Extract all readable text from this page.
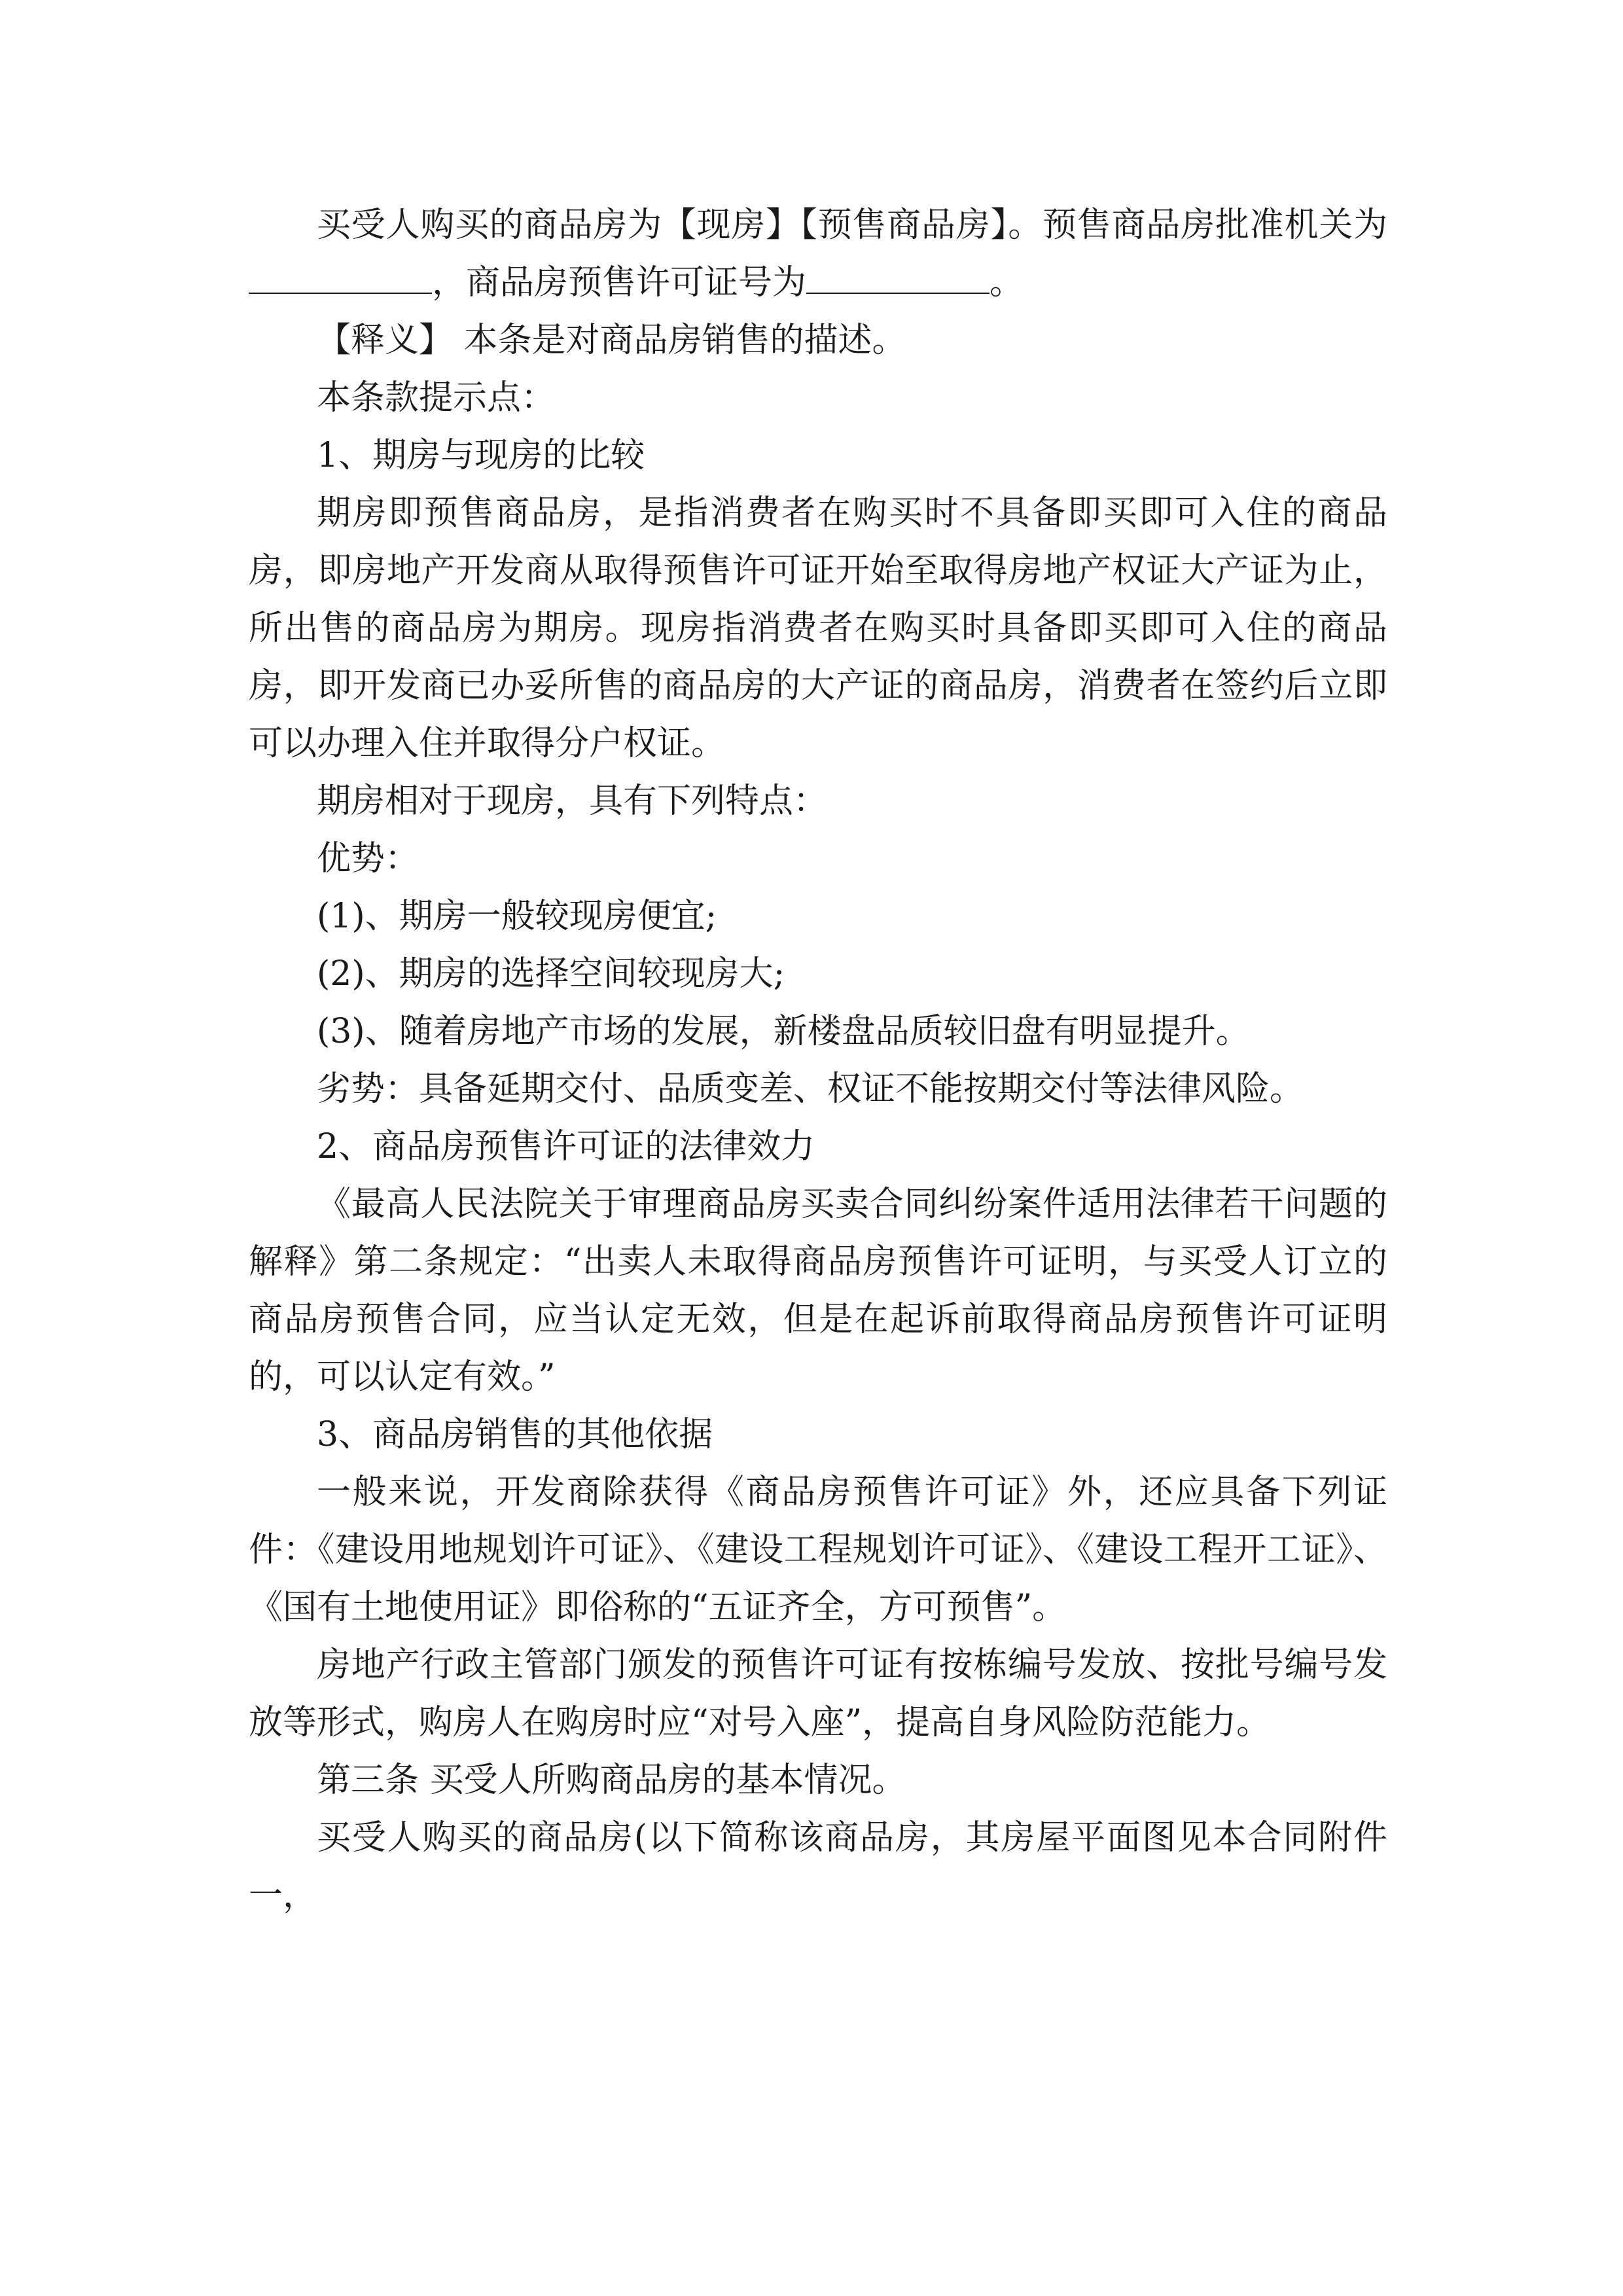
买受人购买的商品房为【现房】【预售商品房】。预售商品房批准机关为，商品房预售许可证号为	。

【释义】 本条是对商品房销售的描述。

本条款提示点：

1、期房与现房的比较

期房即预售商品房，是指消费者在购买时不具备即买即可入住的商品房，即房地产开发商从取得预售许可证开始至取得房地产权证大产证为止，所出售的商品房为期房。现房指消费者在购买时具备即买即可入住的商品房，即开发商已办妥所售的商品房的大产证的商品房，消费者在签约后立即可以办理入住并取得分户权证。

期房相对于现房，具有下列特点：

优势：

(1)、期房一般较现房便宜;

(2)、期房的选择空间较现房大;

(3)、随着房地产市场的发展，新楼盘品质较旧盘有明显提升。

劣势：具备延期交付、品质变差、权证不能按期交付等法律风险。

2、商品房预售许可证的法律效力

《最高人民法院关于审理商品房买卖合同纠纷案件适用法律若干问题的解释》第二条规定：“出卖人未取得商品房预售许可证明，与买受人订立的商品房预售合同，应当认定无效，但是在起诉前取得商品房预售许可证明的，可以认定有效。”

3、商品房销售的其他依据

一般来说，开发商除获得《商品房预售许可证》外，还应具备下列证件：《建设用地规划许可证》、《建设工程规划许可证》、《建设工程开工证》、《国有土地使用证》即俗称的“五证齐全，方可预售”。

房地产行政主管部门颁发的预售许可证有按栋编号发放、按批号编号发放等形式，购房人在购房时应“对号入座”，提高自身风险防范能力。

第三条 买受人所购商品房的基本情况。

买受人购买的商品房(以下简称该商品房，其房屋平面图见本合同附件一，
